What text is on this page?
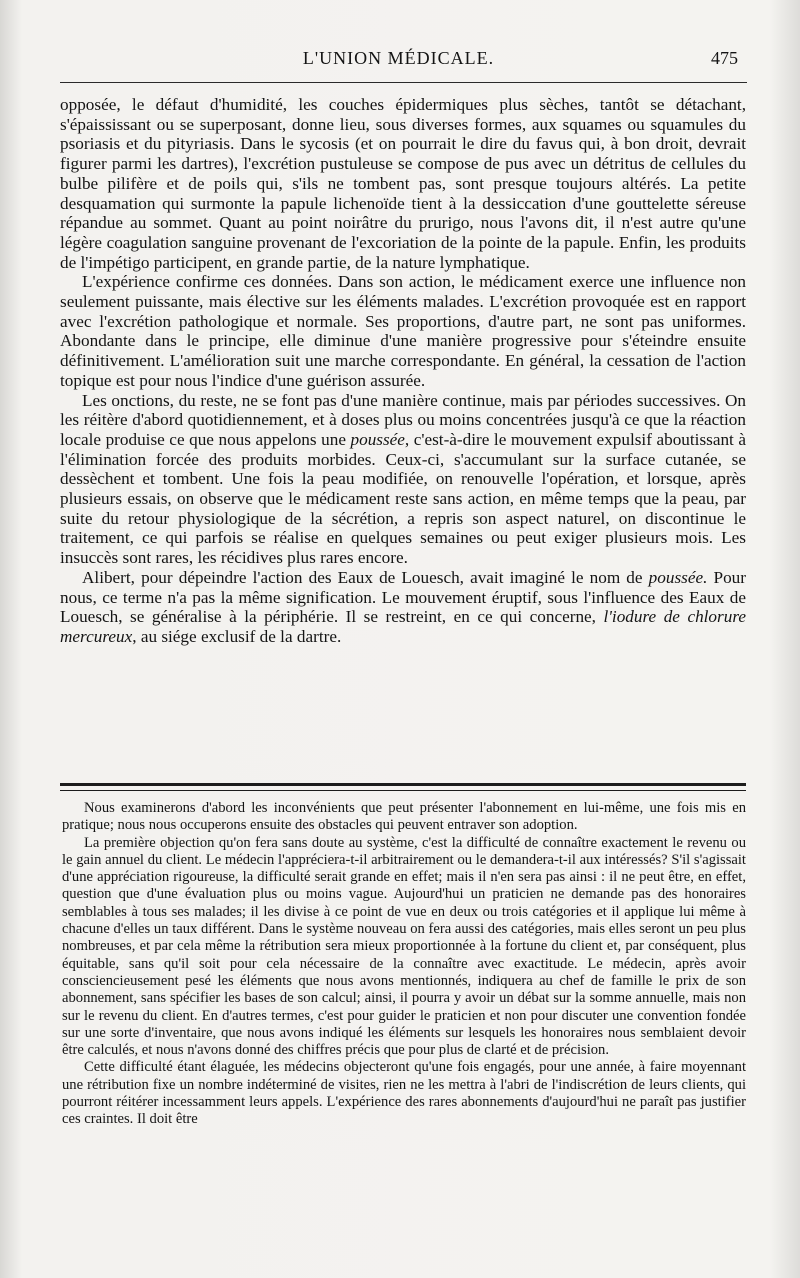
L'UNION MÉDICALE.	475

opposée, le défaut d'humidité, les couches épidermiques plus sèches, tantôt se détachant, s'épaississant ou se superposant, donne lieu, sous diverses formes, aux squames ou squamules du psoriasis et du pityriasis. Dans le sycosis (et on pourrait le dire du favus qui, à bon droit, devrait figurer parmi les dartres), l'excrétion pustuleuse se compose de pus avec un détritus de cellules du bulbe pilifère et de poils qui, s'ils ne tombent pas, sont presque toujours altérés. La petite desquamation qui surmonte la papule lichenoïde tient à la dessiccation d'une gouttelette séreuse répandue au sommet. Quant au point noirâtre du prurigo, nous l'avons dit, il n'est autre qu'une légère coagulation sanguine provenant de l'excoriation de la pointe de la papule. Enfin, les produits de l'impétigo participent, en grande partie, de la nature lymphatique.

L'expérience confirme ces données. Dans son action, le médicament exerce une influence non seulement puissante, mais élective sur les éléments malades. L'excrétion provoquée est en rapport avec l'excrétion pathologique et normale. Ses proportions, d'autre part, ne sont pas uniformes. Abondante dans le principe, elle diminue d'une manière progressive pour s'éteindre ensuite définitivement. L'amélioration suit une marche correspondante. En général, la cessation de l'action topique est pour nous l'indice d'une guérison assurée.

Les onctions, du reste, ne se font pas d'une manière continue, mais par périodes successives. On les réitère d'abord quotidiennement, et à doses plus ou moins concentrées jusqu'à ce que la réaction locale produise ce que nous appelons une poussée, c'est-à-dire le mouvement expulsif aboutissant à l'élimination forcée des produits morbides. Ceux-ci, s'accumulant sur la surface cutanée, se dessèchent et tombent. Une fois la peau modifiée, on renouvelle l'opération, et lorsque, après plusieurs essais, on observe que le médicament reste sans action, en même temps que la peau, par suite du retour physiologique de la sécrétion, a repris son aspect naturel, on discontinue le traitement, ce qui parfois se réalise en quelques semaines ou peut exiger plusieurs mois. Les insuccès sont rares, les récidives plus rares encore.

Alibert, pour dépeindre l'action des Eaux de Louesch, avait imaginé le nom de poussée. Pour nous, ce terme n'a pas la même signification. Le mouvement éruptif, sous l'influence des Eaux de Louesch, se généralise à la périphérie. Il se restreint, en ce qui concerne, l'iodure de chlorure mercureux, au siége exclusif de la dartre.

Nous examinerons d'abord les inconvénients que peut présenter l'abonnement en lui-même, une fois mis en pratique; nous nous occuperons ensuite des obstacles qui peuvent entraver son adoption.

La première objection qu'on fera sans doute au système, c'est la difficulté de connaître exactement le revenu ou le gain annuel du client. Le médecin l'appréciera-t-il arbitrairement ou le demandera-t-il aux intéressés? S'il s'agissait d'une appréciation rigoureuse, la difficulté serait grande en effet; mais il n'en sera pas ainsi : il ne peut être, en effet, question que d'une évaluation plus ou moins vague. Aujourd'hui un praticien ne demande pas des honoraires semblables à tous ses malades; il les divise à ce point de vue en deux ou trois catégories et il applique lui même à chacune d'elles un taux différent. Dans le système nouveau on fera aussi des catégories, mais elles seront un peu plus nombreuses, et par cela même la rétribution sera mieux proportionnée à la fortune du client et, par conséquent, plus équitable, sans qu'il soit pour cela nécessaire de la connaître avec exactitude. Le médecin, après avoir consciencieusement pesé les éléments que nous avons mentionnés, indiquera au chef de famille le prix de son abonnement, sans spécifier les bases de son calcul; ainsi, il pourra y avoir un débat sur la somme annuelle, mais non sur le revenu du client. En d'autres termes, c'est pour guider le praticien et non pour discuter une convention fondée sur une sorte d'inventaire, que nous avons indiqué les éléments sur lesquels les honoraires nous semblaient devoir être calculés, et nous n'avons donné des chiffres précis que pour plus de clarté et de précision.

Cette difficulté étant élaguée, les médecins objecteront qu'une fois engagés, pour une année, à faire moyennant une rétribution fixe un nombre indéterminé de visites, rien ne les mettra à l'abri de l'indiscrétion de leurs clients, qui pourront réitérer incessamment leurs appels. L'expérience des rares abonnements d'aujourd'hui ne paraît pas justifier ces craintes. Il doit être
